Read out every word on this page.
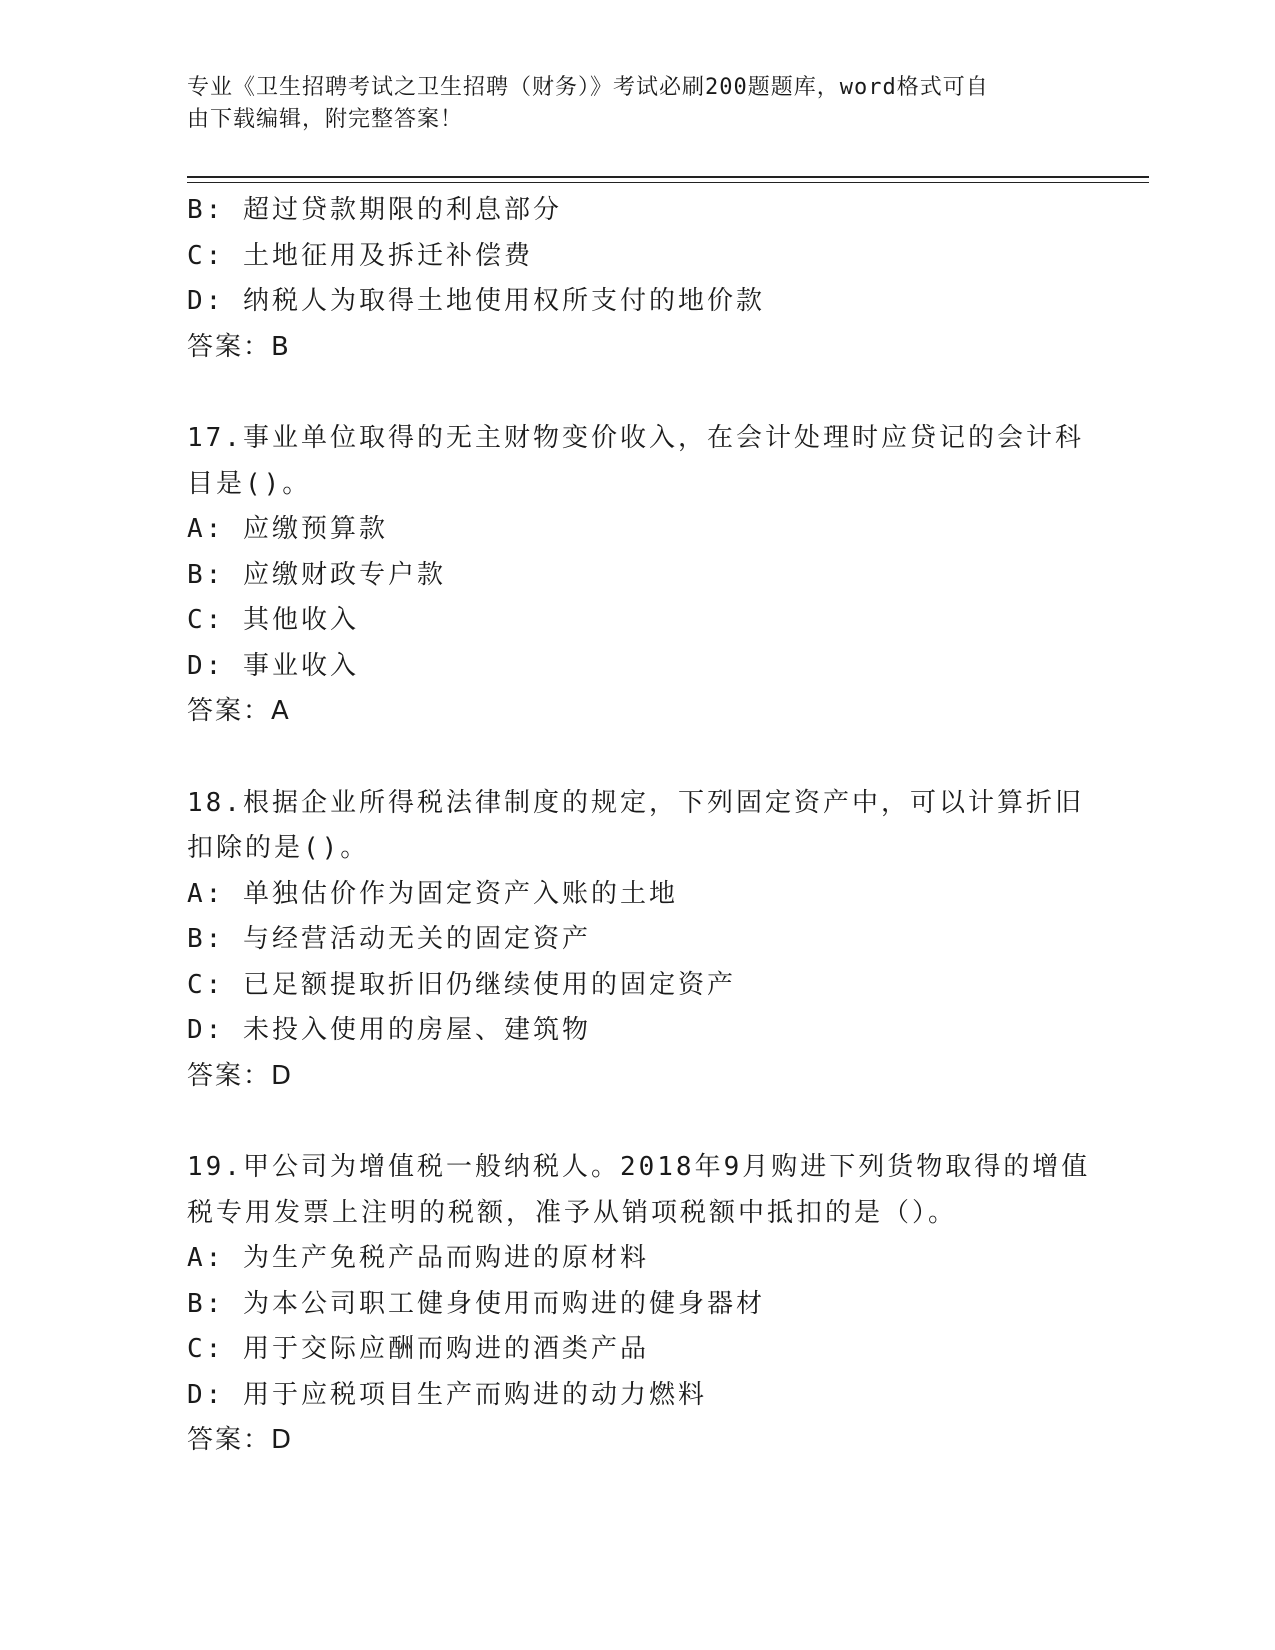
专业《卫生招聘考试之卫生招聘（财务）》考试必刷200题题库，word格式可自
由下载编辑，附完整答案！
B: 超过贷款期限的利息部分
C: 土地征用及拆迁补偿费
D: 纳税人为取得土地使用权所支付的地价款
答案：B
17.事业单位取得的无主财物变价收入，在会计处理时应贷记的会计科
目是()。
A: 应缴预算款
B: 应缴财政专户款
C: 其他收入
D: 事业收入
答案：A
18.根据企业所得税法律制度的规定，下列固定资产中，可以计算折旧
扣除的是()。
A: 单独估价作为固定资产入账的土地
B: 与经营活动无关的固定资产
C: 已足额提取折旧仍继续使用的固定资产
D: 未投入使用的房屋、建筑物
答案：D
19.甲公司为增值税一般纳税人。2018年9月购进下列货物取得的增值
税专用发票上注明的税额，准予从销项税额中抵扣的是（）。
A: 为生产免税产品而购进的原材料
B: 为本公司职工健身使用而购进的健身器材
C: 用于交际应酬而购进的酒类产品
D: 用于应税项目生产而购进的动力燃料
答案：D
